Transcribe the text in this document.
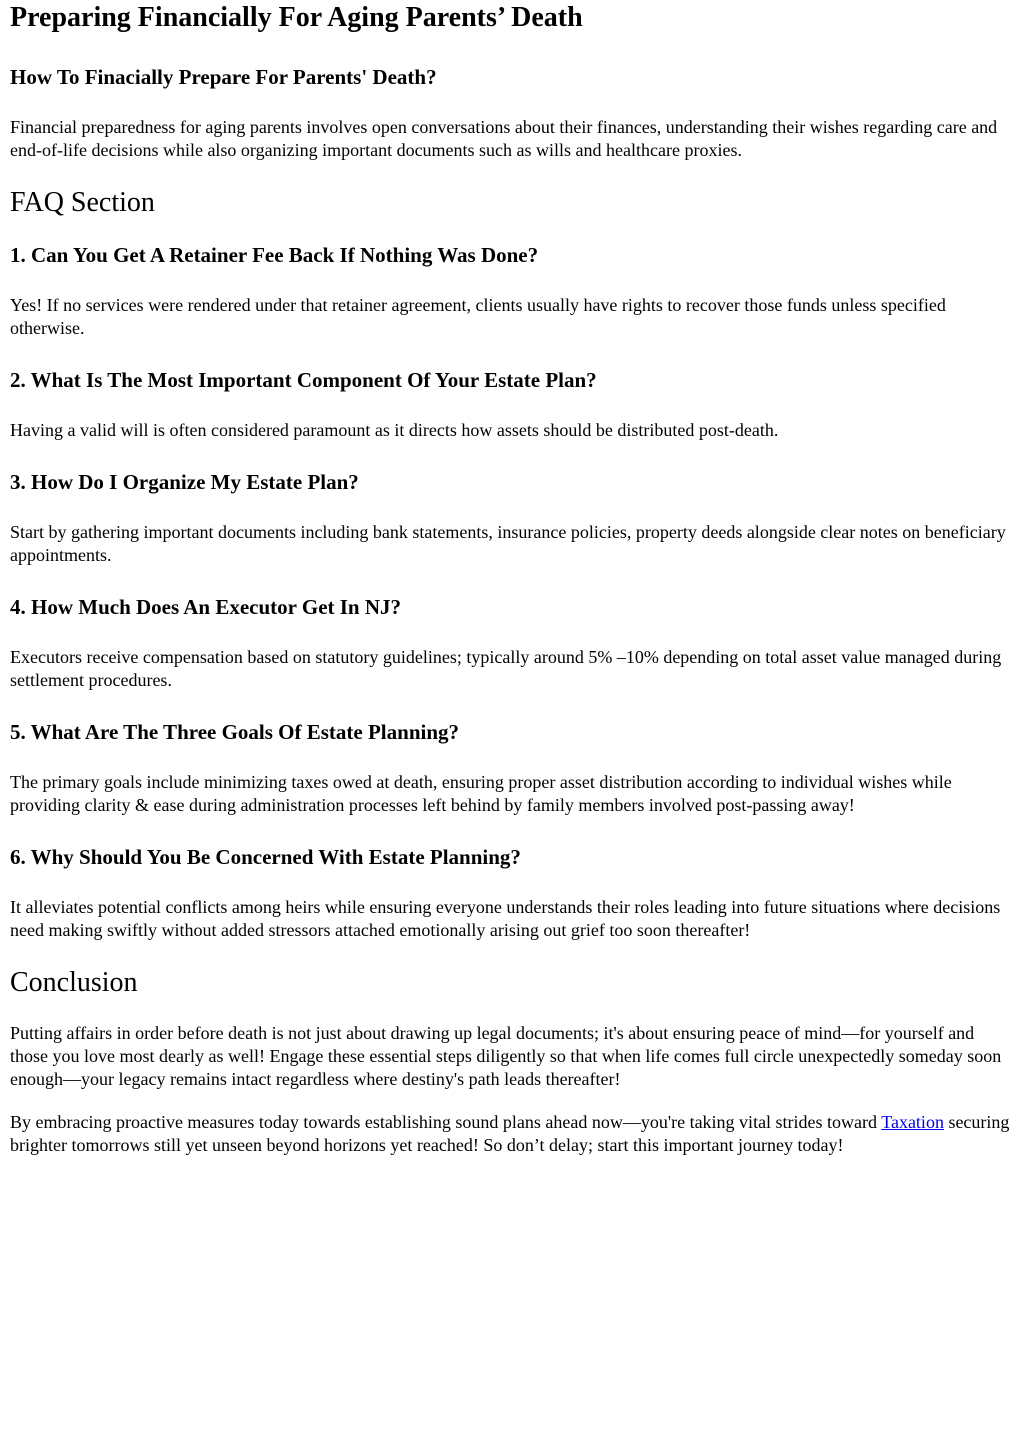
Preparing Financially For Aging Parents’ Death
How To Finacially Prepare For Parents' Death?

Financial preparedness for aging parents involves open conversations about their finances, understanding their wishes regarding care and end-of-life decisions while also organizing important documents such as wills and healthcare proxies.

FAQ Section
1. Can You Get A Retainer Fee Back If Nothing Was Done?

Yes! If no services were rendered under that retainer agreement, clients usually have rights to recover those funds unless specified otherwise.

2. What Is The Most Important Component Of Your Estate Plan?

Having a valid will is often considered paramount as it directs how assets should be distributed post-death.

3. How Do I Organize My Estate Plan?

Start by gathering important documents including bank statements, insurance policies, property deeds alongside clear notes on beneficiary appointments.

4. How Much Does An Executor Get In NJ?

Executors receive compensation based on statutory guidelines; typically around 5% –10% depending on total asset value managed during settlement procedures.

5. What Are The Three Goals Of Estate Planning?

The primary goals include minimizing taxes owed at death, ensuring proper asset distribution according to individual wishes while providing clarity & ease during administration processes left behind by family members involved post-passing away!

6. Why Should You Be Concerned With Estate Planning?

It alleviates potential conflicts among heirs while ensuring everyone understands their roles leading into future situations where decisions need making swiftly without added stressors attached emotionally arising out grief too soon thereafter!

Conclusion

Putting affairs in order before death is not just about drawing up legal documents; it's about ensuring peace of mind—for yourself and those you love most dearly as well! Engage these essential steps diligently so that when life comes full circle unexpectedly someday soon enough—your legacy remains intact regardless where destiny's path leads thereafter!

By embracing proactive measures today towards establishing sound plans ahead now—you're taking vital strides toward Taxation securing brighter tomorrows still yet unseen beyond horizons yet reached! So don’t delay; start this important journey today!
